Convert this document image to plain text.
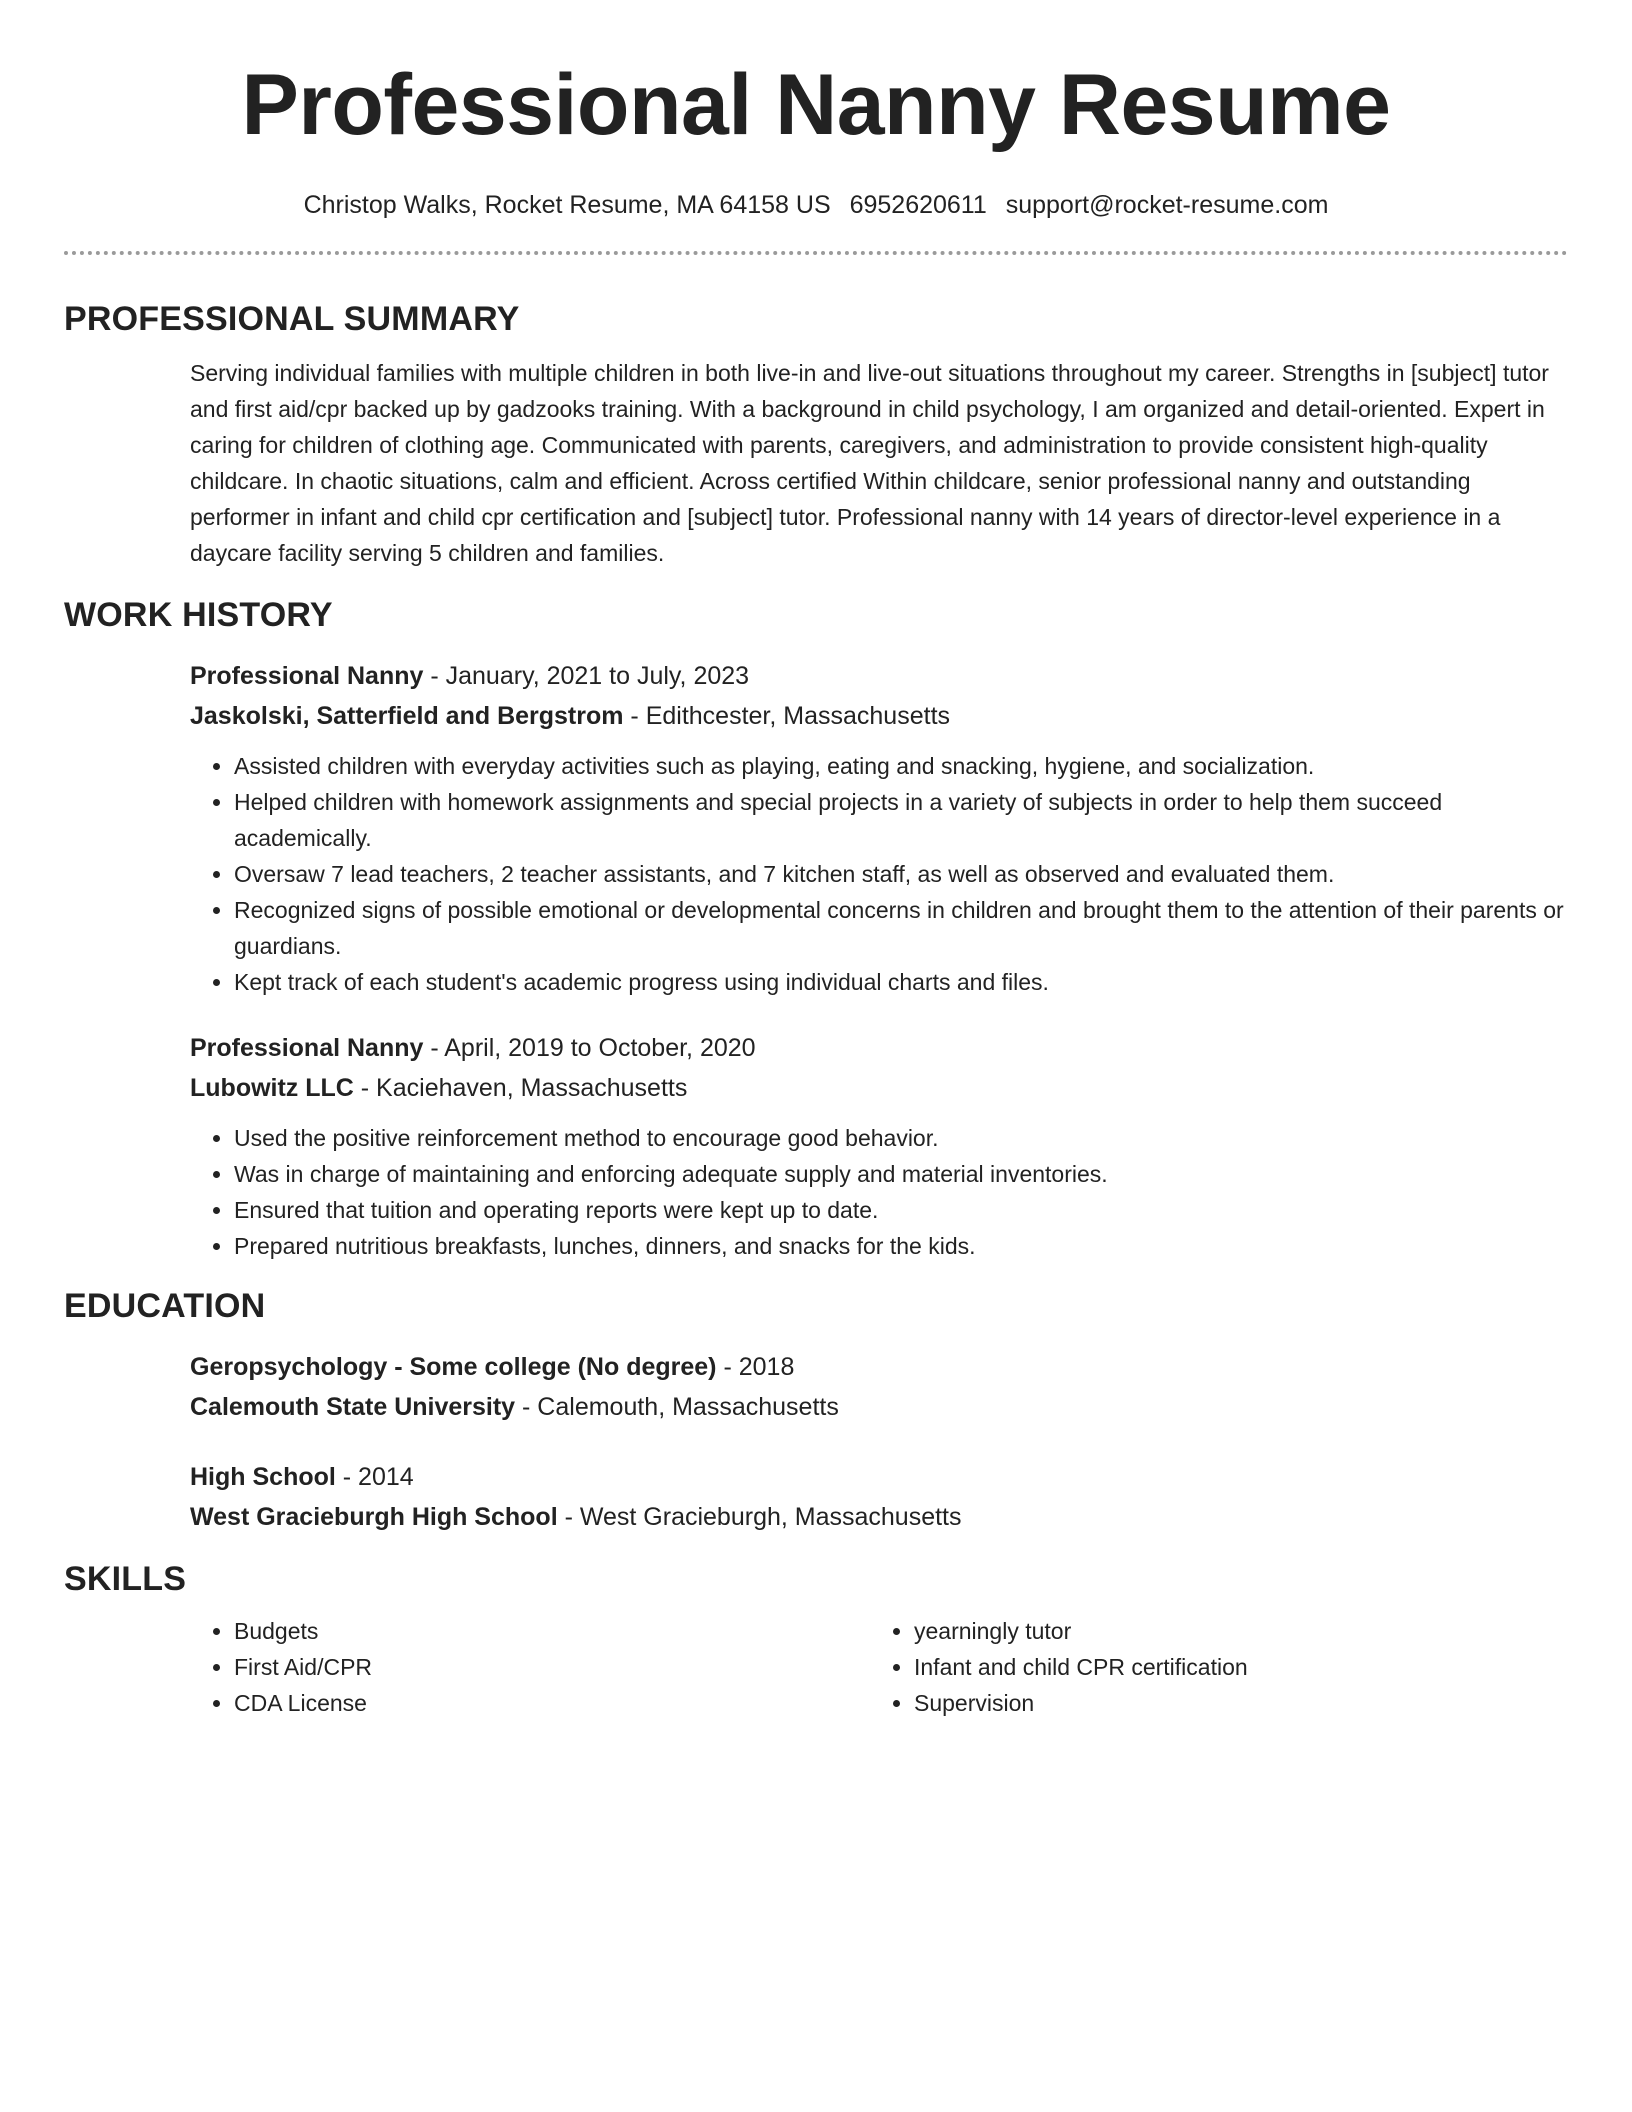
Professional Nanny Resume
Christop Walks, Rocket Resume, MA 64158 US 6952620611 support@rocket-resume.com
PROFESSIONAL SUMMARY

Serving individual families with multiple children in both live-in and live-out situations throughout my career. Strengths in [subject] tutor and first aid/cpr backed up by gadzooks training. With a background in child psychology, I am organized and detail-oriented. Expert in caring for children of clothing age. Communicated with parents, caregivers, and administration to provide consistent high-quality childcare. In chaotic situations, calm and efficient. Across certified Within childcare, senior professional nanny and outstanding performer in infant and child cpr certification and [subject] tutor. Professional nanny with 14 years of director-level experience in a daycare facility serving 5 children and families.

WORK HISTORY
Professional Nanny - January, 2021 to July, 2023
Jaskolski, Satterfield and Bergstrom - Edithcester, Massachusetts
• Assisted children with everyday activities such as playing, eating and snacking, hygiene, and socialization.
• Helped children with homework assignments and special projects in a variety of subjects in order to help them succeed academically.
• Oversaw 7 lead teachers, 2 teacher assistants, and 7 kitchen staff, as well as observed and evaluated them.
• Recognized signs of possible emotional or developmental concerns in children and brought them to the attention of their parents or guardians.
• Kept track of each student's academic progress using individual charts and files.
Professional Nanny - April, 2019 to October, 2020
Lubowitz LLC - Kaciehaven, Massachusetts
• Used the positive reinforcement method to encourage good behavior.
• Was in charge of maintaining and enforcing adequate supply and material inventories.
• Ensured that tuition and operating reports were kept up to date.
• Prepared nutritious breakfasts, lunches, dinners, and snacks for the kids.
EDUCATION
Geropsychology - Some college (No degree) - 2018
Calemouth State University - Calemouth, Massachusetts
High School - 2014
West Gracieburgh High School - West Gracieburgh, Massachusetts
SKILLS
• Budgets
• First Aid/CPR
• CDA License
• yearningly tutor
• Infant and child CPR certification
• Supervision
